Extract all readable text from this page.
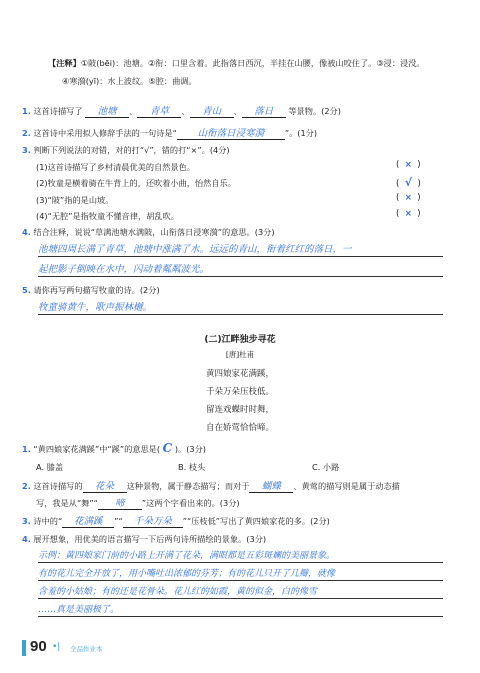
【注释】①陂(bēi)：池塘。②衔：口里含着。此指落日西沉，半挂在山腰，像被山咬住了。③浸：浸没。
④寒漪(yī)：水上波纹。⑤腔：曲调。
1. 这首诗描写了 池塘 、 青草 、 青山 、 落日 等景物。(2分)
2. 这首诗中采用拟人修辞手法的一句诗是“ 山衔落日浸寒漪	”。(1分)
3. 判断下列说法的对错，对的打“√”，错的打“×”。(4分)
(1)这首诗描写了乡村清晨优美的自然景色。	(  ×  )
(2)牧童是横着骑在牛背上的，还吹着小曲，怡然自乐。	(  √  )
(3)“陂”指的是山坡。	(  ×  )
(4)“无腔”是指牧童不懂音律，胡乱吹。	(  ×  )
4. 结合注释，说说“草满池塘水满陂，山衔落日浸寒漪”的意思。(3分)
池塘四周长满了青草，池塘中涨满了水。远远的青山，衔着红红的落日，一
起把影子倒映在水中，闪动着粼粼波光。
5. 请你再写两句描写牧童的诗。(2分)
牧童骑黄牛，歌声振林樾。
(二)江畔独步寻花
[唐]杜甫
黄四娘家花满蹊，
千朵万朵压枝低。
留连戏蝶时时舞，
自在娇莺恰恰啼。
1. “黄四娘家花满蹊”中“蹊”的意思是( C )。(3分)
A. 膝盖	B. 枝头	C. 小路
2. 这首诗描写的 花朵 这种景物，属于静态描写；而对于 蝴蝶 、黄莺的描写则是属于动态描
写，我是从“舞”“ 啼 ”这两个字看出来的。(3分)
3. 诗中的“ 花满蹊 ”“ 千朵万朵 ”“压枝低”写出了黄四娘家花的多。(2分)
4. 展开想象，用优美的语言描写一下后两句诗所描绘的景象。(3分)
示例：黄四娘家门前的小路上开满了花朵，满眼都是五彩斑斓的美丽景象。
有的花儿完全开放了，用小嘴吐出浓郁的芬芳；有的花儿只开了几瓣，就像
含羞的小姑娘；有的还是花骨朵。花儿红的如霞，黄的似金，白的像雪
……真是美丽极了。
90 •| 全品作业本
